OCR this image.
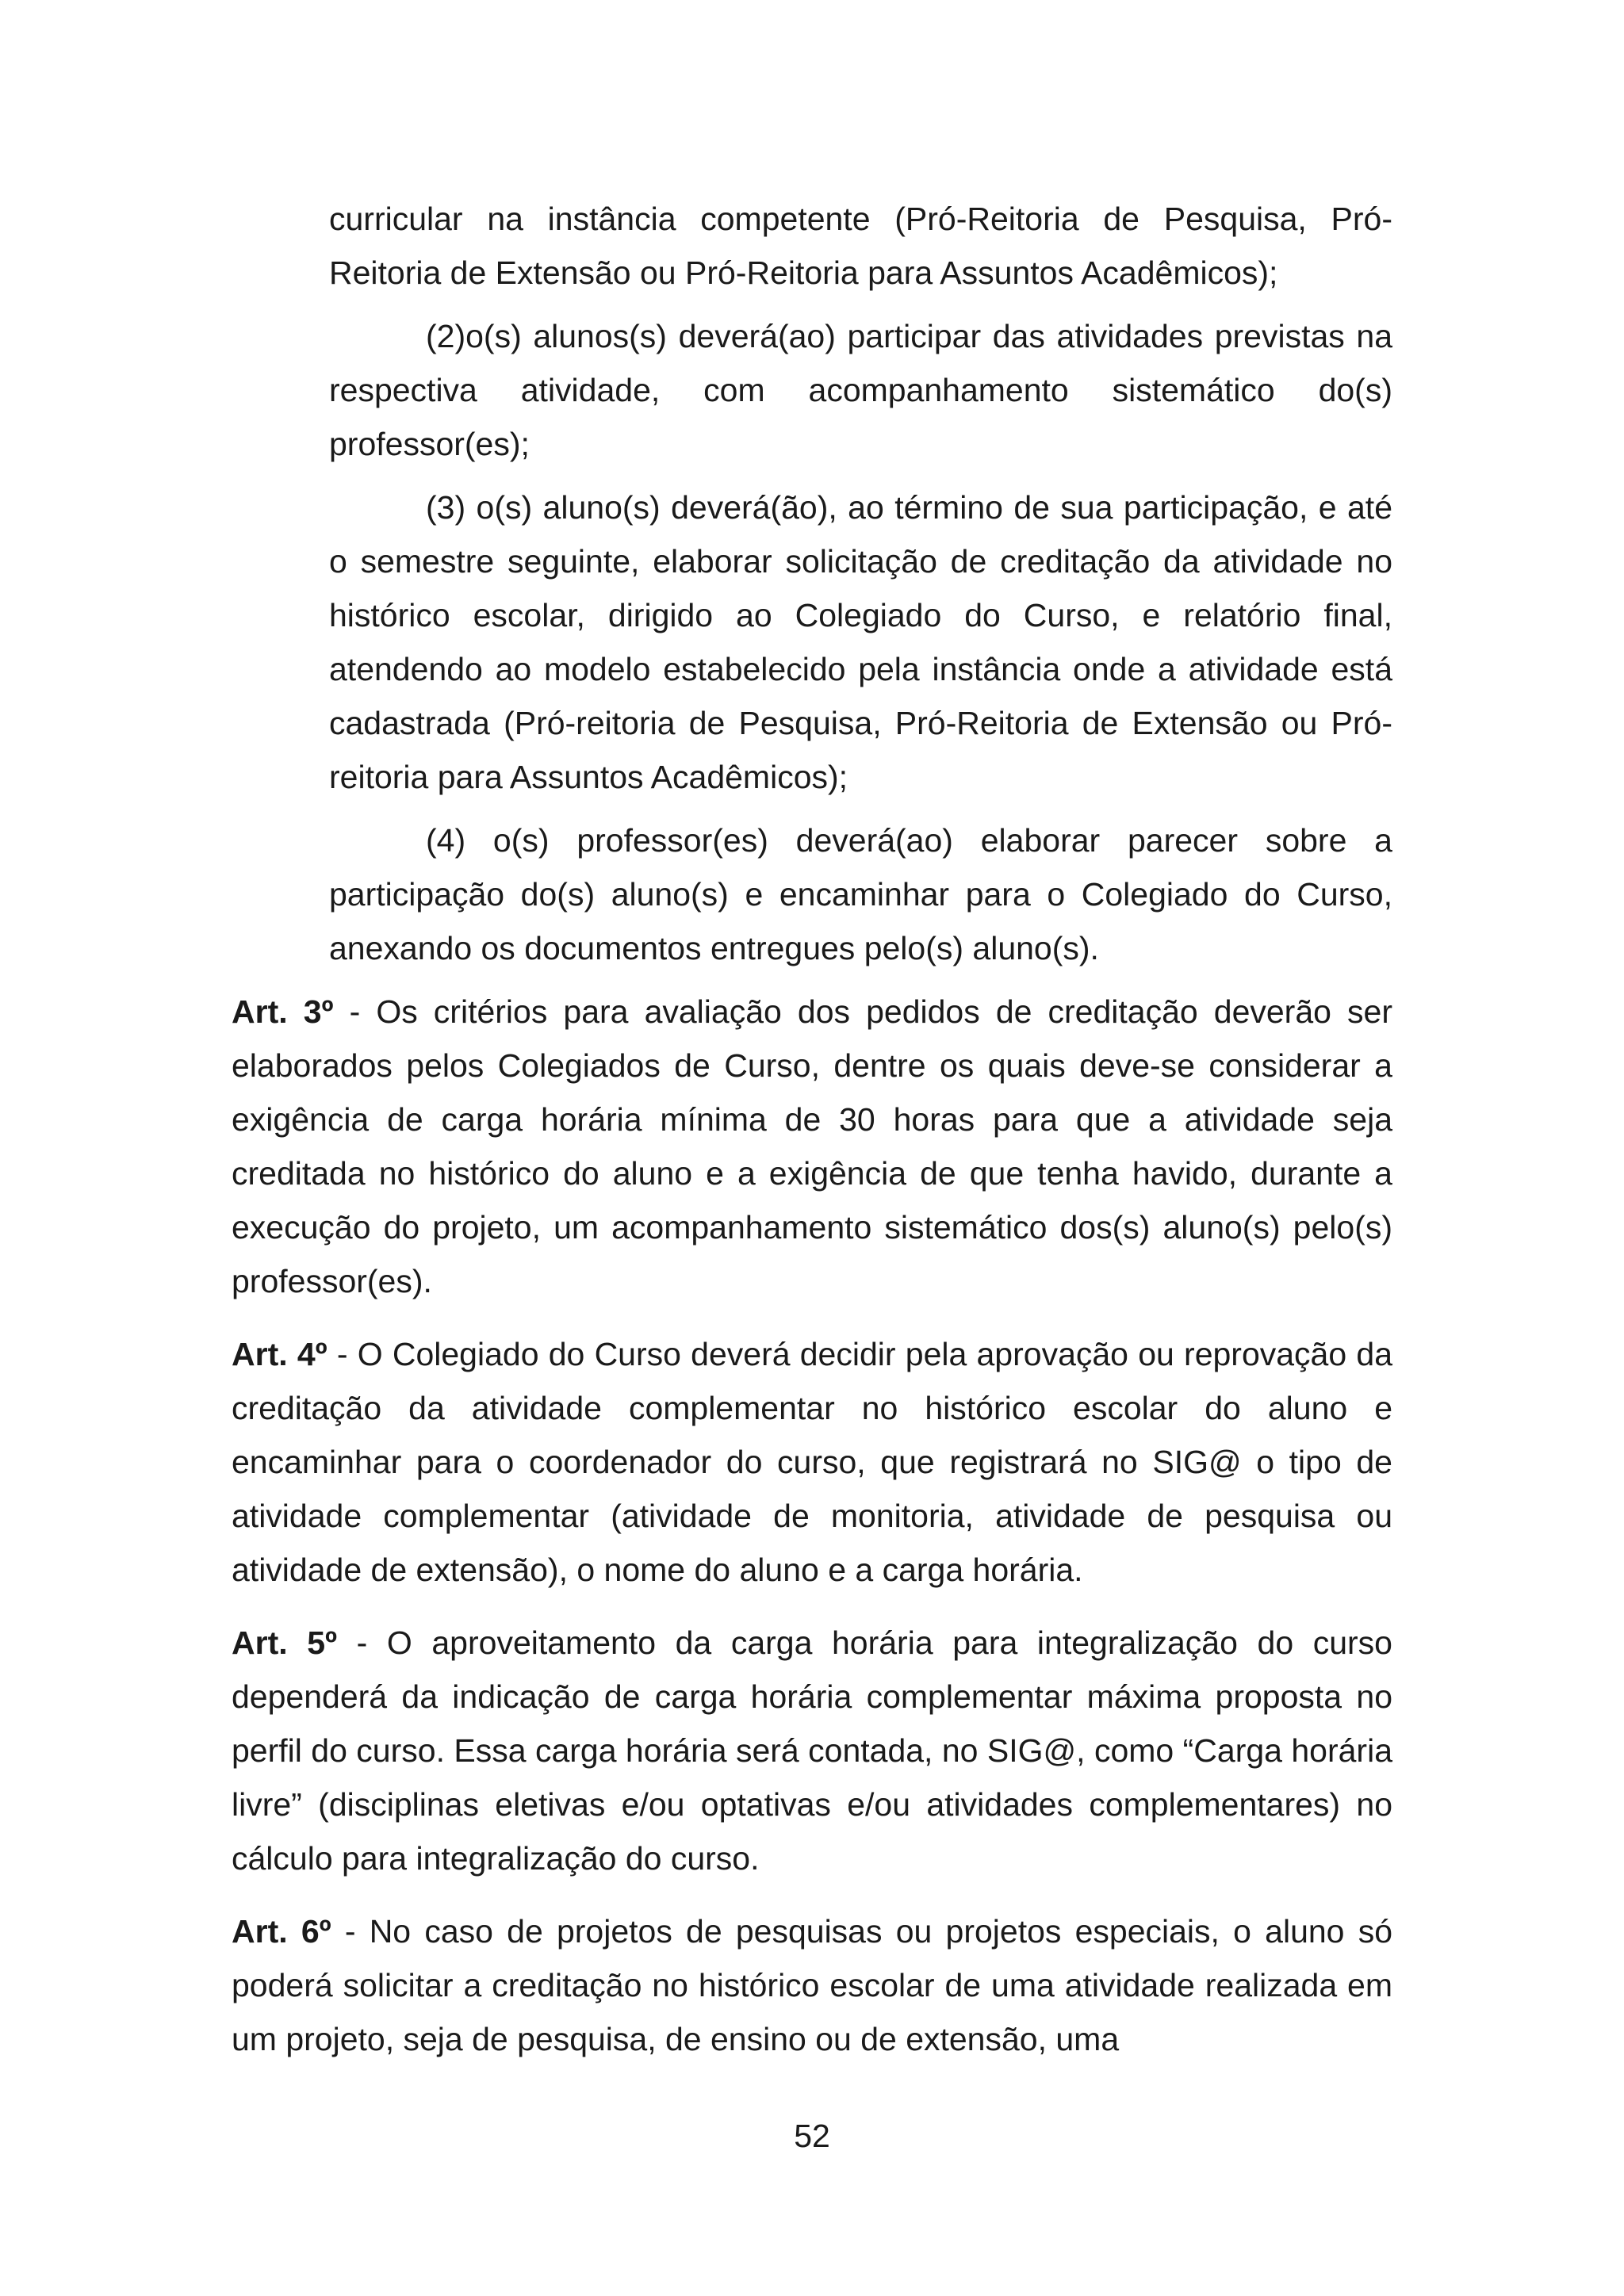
curricular na instância competente (Pró-Reitoria de Pesquisa, Pró-Reitoria de Extensão ou Pró-Reitoria para Assuntos Acadêmicos);

(2)o(s) alunos(s) deverá(ao) participar das atividades previstas na respectiva atividade, com acompanhamento sistemático do(s) professor(es);

(3) o(s) aluno(s) deverá(ão), ao término de sua participação, e até o semestre seguinte, elaborar solicitação de creditação da atividade no histórico escolar, dirigido ao Colegiado do Curso, e relatório final, atendendo ao modelo estabelecido pela instância onde a atividade está cadastrada (Pró-reitoria de Pesquisa, Pró-Reitoria de Extensão ou Pró-reitoria para Assuntos Acadêmicos);

(4) o(s) professor(es) deverá(ao) elaborar parecer sobre a participação do(s) aluno(s) e encaminhar para o Colegiado do Curso, anexando os documentos entregues pelo(s) aluno(s).

Art. 3º - Os critérios para avaliação dos pedidos de creditação deverão ser elaborados pelos Colegiados de Curso, dentre os quais deve-se considerar a exigência de carga horária mínima de 30 horas para que a atividade seja creditada no histórico do aluno e a exigência de que tenha havido, durante a execução do projeto, um acompanhamento sistemático dos(s) aluno(s) pelo(s) professor(es).

Art. 4º - O Colegiado do Curso deverá decidir pela aprovação ou reprovação da creditação da atividade complementar no histórico escolar do aluno e encaminhar para o coordenador do curso, que registrará no SIG@ o tipo de atividade complementar (atividade de monitoria, atividade de pesquisa ou atividade de extensão), o nome do aluno e a carga horária.

Art. 5º - O aproveitamento da carga horária para integralização do curso dependerá da indicação de carga horária complementar máxima proposta no perfil do curso. Essa carga horária será contada, no SIG@, como “Carga horária livre” (disciplinas eletivas e/ou optativas e/ou atividades complementares) no cálculo para integralização do curso.

Art. 6º - No caso de projetos de pesquisas ou projetos especiais, o aluno só poderá solicitar a creditação no histórico escolar de uma atividade realizada em um projeto, seja de pesquisa, de ensino ou de extensão, uma

52
